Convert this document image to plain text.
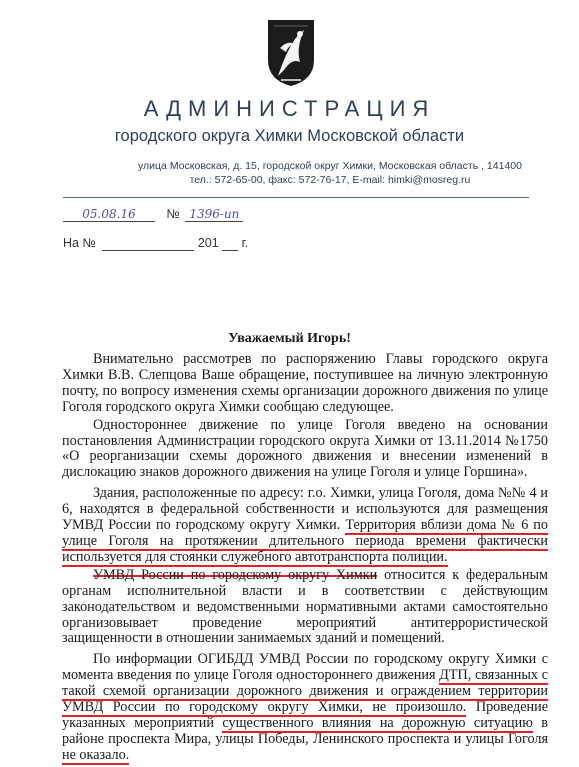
АДМИНИСТРАЦИЯ
городского округа Химки Московской области
улица Московская, д. 15, городской округ Химки, Московская область , 141400
тел.: 572-65-00, факс: 572-76-17, E-mail: himki@mosreg.ru
05.08.16 № 1396-ип
На №	201 г.
Уважаемый Игорь!

Внимательно рассмотрев по распоряжению Главы городского округа Химки В.В. Слепцова Ваше обращение, поступившее на личную электронную почту, по вопросу изменения схемы организации дорожного движения по улице Гоголя городского округа Химки сообщаю следующее.

Одностороннее движение по улице Гоголя введено на основании постановления Администрации городского округа Химки от 13.11.2014 №1750 «О реорганизации схемы дорожного движения и внесении изменений в дислокацию знаков дорожного движения на улице Гоголя и улице Горшина».

Здания, расположенные по адресу: г.о. Химки, улица Гоголя, дома №№ 4 и 6, находятся в федеральной собственности и используются для размещения УМВД России по городскому округу Химки. Территория вблизи дома № 6 по улице Гоголя на протяжении длительного периода времени фактически используется для стоянки служебного автотранспорта полиции.

УМВД России по городскому округу Химки относится к федеральным органам исполнительной власти и в соответствии с действующим законодательством и ведомственными нормативными актами самостоятельно организовывает проведение мероприятий антитеррористической защищенности в отношении занимаемых зданий и помещений.

По информации ОГИБДД УМВД России по городскому округу Химки с момента введения по улице Гоголя одностороннего движения ДТП, связанных с такой схемой организации дорожного движения и ограждением территории УМВД России по городскому округу Химки, не произошло. Проведение указанных мероприятий существенного влияния на дорожную ситуацию в районе проспекта Мира, улицы Победы, Ленинского проспекта и улицы Гоголя не оказало.
